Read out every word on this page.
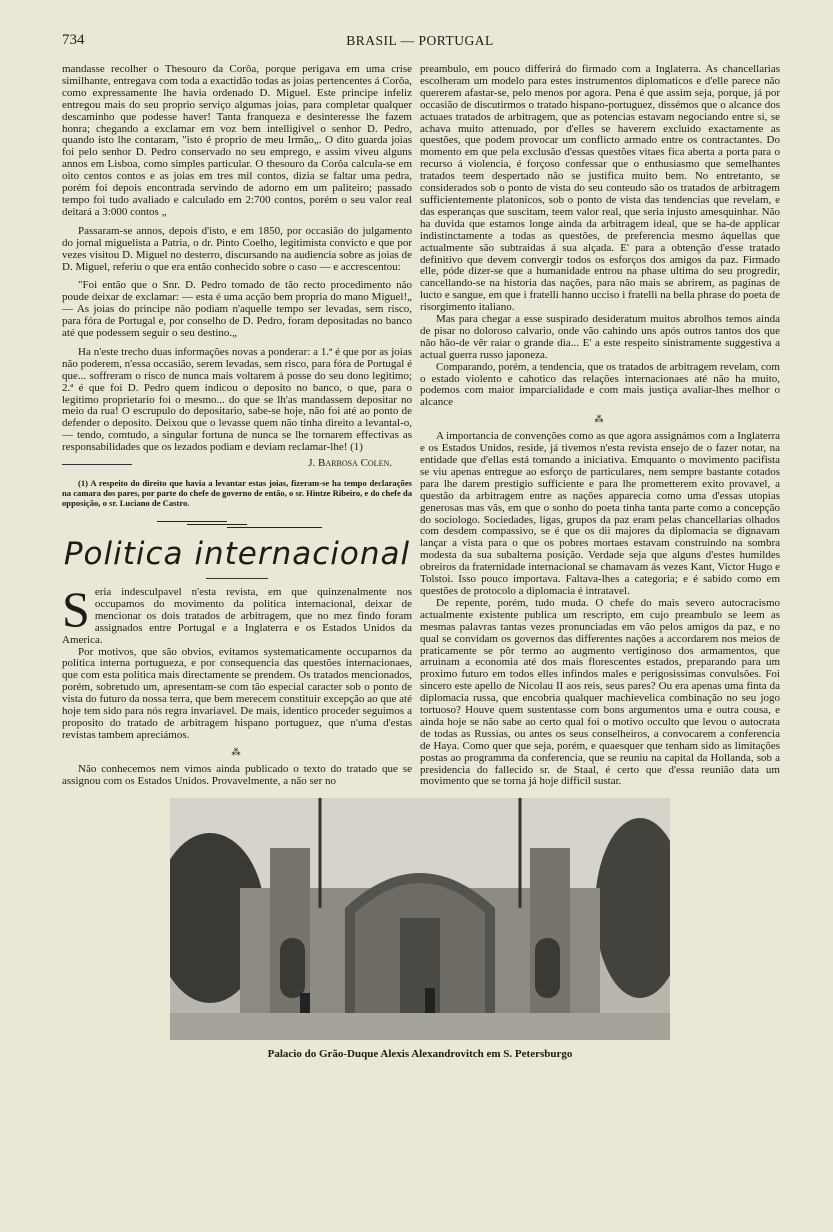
734	BRASIL — PORTUGAL

mandasse recolher o Thesouro da Corôa, porque perigava em uma crise similhante, entregava com toda a exactidão todas as joias pertencentes á Corôa, como expressamente lhe havia ordenado D. Miguel. Este principe infeliz entregou mais do seu proprio serviço algumas joias, para completar qualquer descaminho que podesse haver! Tanta franqueza e desinteresse lhe fazem honra; chegando a exclamar em voz bem intelligivel o senhor D. Pedro, quando isto lhe contaram, "isto é proprio de meu Irmão„. O dito guarda joias foi pelo senhor D. Pedro conservado no seu emprego, e assim viveu alguns annos em Lisboa, como simples particular. O thesouro da Corôa calcula-se em oito centos contos e as joias em tres mil contos, dizia se faltar uma pedra, porém foi depois encontrada servindo de adorno em um paliteiro; passado tempo foi tudo avaliado e calculado em 2:700 contos, porém o seu valor real deitará a 3:000 contos „

Passaram-se annos, depois d'isto, e em 1850, por occasião do julgamento do jornal miguelista a Patria, o dr. Pinto Coelho, legitimista convicto e que por vezes visitou D. Miguel no desterro, discursando na audiencia sobre as joias de D. Miguel, referiu o que era então conhecido sobre o caso — e accrescentou:

"Foi então que o Snr. D. Pedro tomado de tão recto procedimento não poude deixar de exclamar: — esta é uma acção bem propria do mano Miguel!„ — As joias do principe não podiam n'aquelle tempo ser levadas, sem risco, para fóra de Portugal e, por conselho de D. Pedro, foram depositadas no banco até que podessem seguir o seu destino.„

Ha n'este trecho duas informações novas a ponderar: a 1.ª é que por as joias não poderem, n'essa occasião, serem levadas, sem risco, para fóra de Portugal é que... soffreram o risco de nunca mais voltarem á posse do seu dono legitimo; 2.ª é que foi D. Pedro quem indicou o deposito no banco, o que, para o legitimo proprietario foi o mesmo... do que se lh'as mandassem depositar no meio da rua! O escrupulo do depositario, sabe-se hoje, não foi até ao ponto de defender o deposito. Deixou que o levasse quem não tinha direito a levantal-o, — tendo, comtudo, a singular fortuna de nunca se lhe tornarem effectivas as responsabilidades que os lezados podiam e deviam reclamar-lhe! (1)

J. Barbosa Colen.

(1) A respeito do direito que havia a levantar estas joias, fizeram-se ha tempo declarações na camara dos pares, por parte do chefe do governo de então, o sr. Hintze Ribeiro, e do chefe da opposição, o sr. Luciano de Castro.

Politica internacional

Seria indesculpavel n'esta revista, em que quinzenalmente nos occupamos do movimento da politica internacional, deixar de mencionar os dois tratados de arbitragem, que no mez findo foram assignados entre Portugal e a Inglaterra e os Estados Unidos da America.

Por motivos, que são obvios, evitamos systematicamente occuparnos da politica interna portugueza, e por consequencia das questões internacionaes, que com esta politica mais directamente se prendem. Os tratados mencionados, porém, sobretudo um, apresentam-se com tão especial caracter sob o ponto de vista do futuro da nossa terra, que bem merecem constituir excepção ao que até hoje tem sido para nós regra invariavel. De mais, identico proceder seguimos a proposito do tratado de arbitragem hispano portuguez, que n'uma d'estas revistas tambem apreciámos.

⁂

Não conhecemos nem vimos ainda publicado o texto do tratado que se assignou com os Estados Unidos. Provavelmente, a não ser no

preambulo, em pouco differirá do firmado com a Inglaterra. As chancellarias escolheram um modelo para estes instrumentos diplomaticos e d'elle parece não quererem afastar-se, pelo menos por agora. Pena é que assim seja, porque, já por occasião de discutirmos o tratado hispano-portuguez, dissémos que o alcance dos actuaes tratados de arbitragem, que as potencias estavam negociando entre si, se achava muito attenuado, por d'elles se haverem excluido exactamente as questões, que podem provocar um conflicto armado entre os contractantes. Do momento em que pela exclusão d'essas questões vitaes fica aberta a porta para o recurso á violencia, é forçoso confessar que o enthusiasmo que semelhantes tratados teem despertado não se justifica muito bem. No entretanto, se considerados sob o ponto de vista do seu conteudo são os tratados de arbitragem sufficientemente platonicos, sob o ponto de vista das tendencias que revelam, e das esperanças que suscitam, teem valor real, que seria injusto amesquinhar. Não ha duvida que estamos longe ainda da arbitragem ideal, que se ha-de applicar indistinctamente a todas as questões, de preferencia mesmo áquellas que actualmente são subtraidas á sua alçada. E' para a obtenção d'esse tratado definitivo que devem convergir todos os esforços dos amigos da paz. Firmado elle, póde dizer-se que a humanidade entrou na phase ultima do seu progredir, cancellando-se na historia das nações, para não mais se abrirem, as paginas de lucto e sangue, em que i fratelli hanno ucciso i fratelli na bella phrase do poeta de risorgimento italiano.

Mas para chegar a esse suspirado desideratum muitos abrolhos temos ainda de pisar no doloroso calvario, onde vão cahindo uns após outros tantos dos que não hão-de vêr raiar o grande dia... E' a este respeito sinistramente suggestiva a actual guerra russo japoneza.

Comparando, porém, a tendencia, que os tratados de arbitragem revelam, com o estado violento e cahotico das relações internacionaes até não ha muito, podemos com maior imparcialidade e com mais justiça avaliar-lhes melhor o alcance

⁂

A importancia de convenções como as que agora assignámos com a Inglaterra e os Estados Unidos, reside, já tivemos n'esta revista ensejo de o fazer notar, na entidade que d'ellas está tomando a iniciativa. Emquanto o movimento pacifista se viu apenas entregue ao esforço de particulares, nem sempre bastante cotados para lhe darem prestigio sufficiente e para lhe prometterem exito provavel, a questão da arbitragem entre as nações apparecia como uma d'essas utopias generosas mas vãs, em que o sonho do poeta tinha tanta parte como a concepção do sociologo. Sociedades, ligas, grupos da paz eram pelas chancellarias olhados com desdem compassivo, se é que os dii majores da diplomacia se dignavam lançar a vista para o que os pobres mortaes estavam construindo na sombra modesta da sua subalterna posição. Verdade seja que alguns d'estes humildes obreiros da fraternidade internacional se chamavam ás vezes Kant, Victor Hugo e Tolstoi. Isso pouco importava. Faltava-lhes a categoria; e é sabido como em questões de protocolo a diplomacia é intratavel.

De repente, porém, tudo muda. O chefe do mais severo autocracismo actualmente existente publica um rescripto, em cujo preambulo se leem as mesmas palavras tantas vezes pronunciadas em vão pelos amigos da paz, e no qual se convidam os governos das differentes nações a accordarem nos meios de praticamente se pôr termo ao augmento vertiginoso dos armamentos, que arruinam a economia até dos mais florescentes estados, preparando para um proximo futuro em todos elles infindos males e perigosissimas convulsões. Foi sincero este apello de Nicolau II aos reis, seus pares? Ou era apenas uma finta da diplomacia russa, que encobria qualquer machievelica combinação no seu jogo tortuoso? Houve quem sustentasse com bons argumentos uma e outra cousa, e ainda hoje se não sabe ao certo qual foi o motivo occulto que levou o autocrata de todas as Russias, ou antes os seus conselheiros, a convocarem a conferencia de Haya. Como quer que seja, porém, e quaesquer que tenham sido as limitações postas ao programma da conferencia, que se reuniu na capital da Hollanda, sob a presidencia do fallecido sr. de Staal, é certo que d'essa reunião data um movimento que se torna já hoje difficil sustar.

Palacio do Grão-Duque Alexis Alexandrovitch em S. Petersburgo
